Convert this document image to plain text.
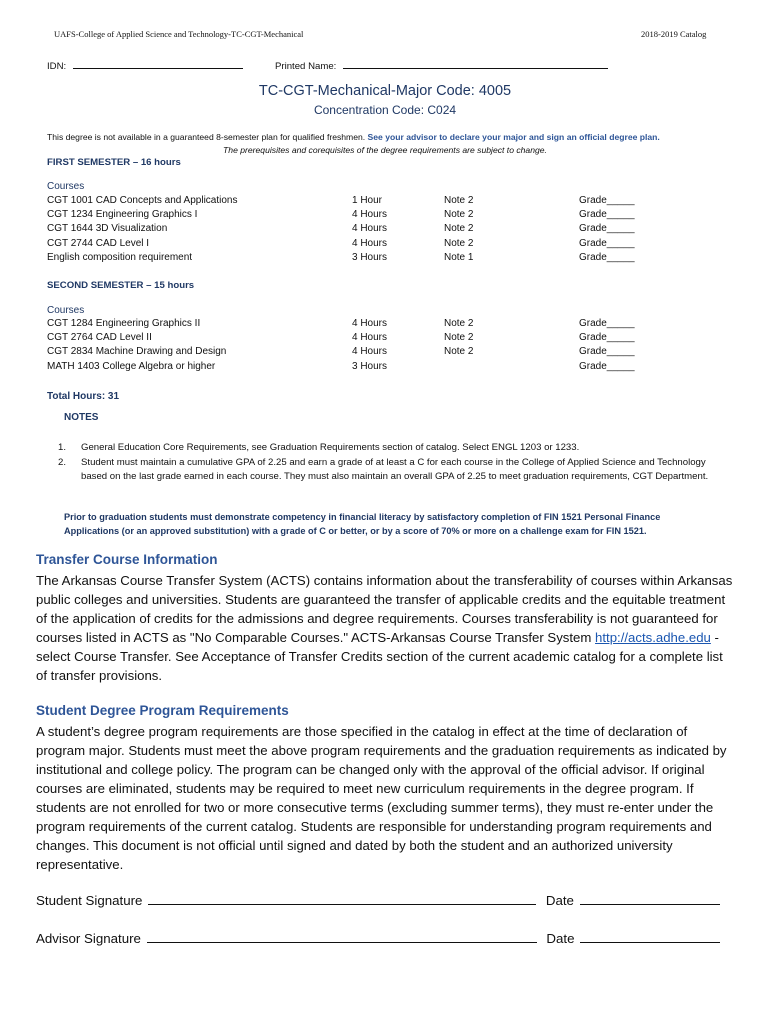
UAFS-College of Applied Science and Technology-TC-CGT-Mechanical	2018-2019 Catalog
IDN:	Printed Name:
TC-CGT-Mechanical-Major Code: 4005
Concentration Code: C024
This degree is not available in a guaranteed 8-semester plan for qualified freshmen. See your advisor to declare your major and sign an official degree plan.
The prerequisites and corequisites of the degree requirements are subject to change.
FIRST SEMESTER – 16 hours
Courses
CGT 1001 CAD Concepts and Applications	1 Hour	Note 2	Grade_____
CGT 1234 Engineering Graphics I	4 Hours	Note 2	Grade_____
CGT 1644 3D Visualization	4 Hours	Note 2	Grade_____
CGT 2744 CAD Level I	4 Hours	Note 2	Grade_____
English composition requirement	3 Hours	Note 1	Grade_____
SECOND SEMESTER – 15 hours
Courses
CGT 1284 Engineering Graphics II	4 Hours	Note 2	Grade_____
CGT 2764 CAD Level II	4 Hours	Note 2	Grade_____
CGT 2834 Machine Drawing and Design	4 Hours	Note 2	Grade_____
MATH 1403 College Algebra or higher	3 Hours	Grade_____
Total Hours: 31
NOTES
1. General Education Core Requirements, see Graduation Requirements section of catalog. Select ENGL 1203 or 1233.
2. Student must maintain a cumulative GPA of 2.25 and earn a grade of at least a C for each course in the College of Applied Science and Technology based on the last grade earned in each course. They must also maintain an overall GPA of 2.25 to meet graduation requirements, CGT Department.
Prior to graduation students must demonstrate competency in financial literacy by satisfactory completion of FIN 1521 Personal Finance Applications (or an approved substitution) with a grade of C or better, or by a score of 70% or more on a challenge exam for FIN 1521.
Transfer Course Information
The Arkansas Course Transfer System (ACTS) contains information about the transferability of courses within Arkansas public colleges and universities. Students are guaranteed the transfer of applicable credits and the equitable treatment of the application of credits for the admissions and degree requirements. Courses transferability is not guaranteed for courses listed in ACTS as "No Comparable Courses." ACTS-Arkansas Course Transfer System http://acts.adhe.edu -select Course Transfer. See Acceptance of Transfer Credits section of the current academic catalog for a complete list of transfer provisions.
Student Degree Program Requirements
A student’s degree program requirements are those specified in the catalog in effect at the time of declaration of program major. Students must meet the above program requirements and the graduation requirements as indicated by institutional and college policy. The program can be changed only with the approval of the official advisor. If original courses are eliminated, students may be required to meet new curriculum requirements in the degree program. If students are not enrolled for two or more consecutive terms (excluding summer terms), they must re-enter under the program requirements of the current catalog. Students are responsible for understanding program requirements and changes. This document is not official until signed and dated by both the student and an authorized university representative.
Student Signature	Date
Advisor Signature	Date
